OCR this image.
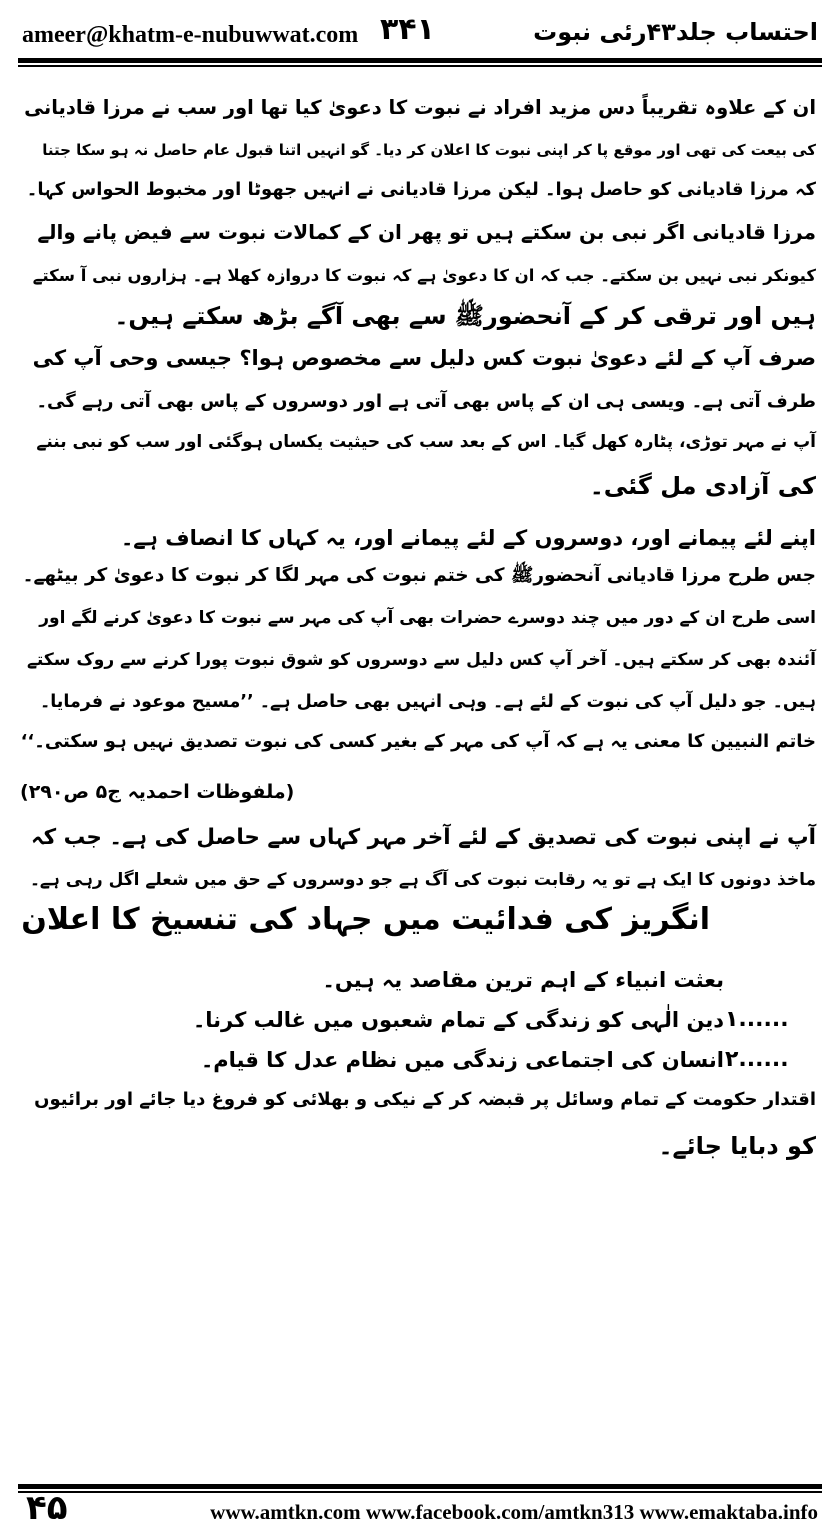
ameer@khatm-e-nubuwwat.com ۳۴۱	احتساب جلد۴۳رئی نبوت
ان کے علاوہ تقریباً دس مزید افراد نے نبوت کا دعویٰ کیا تھا اور سب نے مرزا قادیانی
کی بیعت کی تھی اور موقع پا کر اپنی نبوت کا اعلان کر دیا۔ گو انہیں اتنا قبول عام حاصل نہ ہو سکا جتنا
کہ مرزا قادیانی کو حاصل ہوا۔ لیکن مرزا قادیانی نے انہیں جھوٹا اور مخبوط الحواس کہا۔
مرزا قادیانی اگر نبی بن سکتے ہیں تو پھر ان کے کمالات نبوت سے فیض پانے والے
کیونکر نبی نہیں بن سکتے۔ جب کہ ان کا دعویٰ ہے کہ نبوت کا دروازہ کھلا ہے۔ ہزاروں نبی آ سکتے
ہیں اور ترقی کر کے آنحضورﷺ سے بھی آگے بڑھ سکتے ہیں۔
صرف آپ کے لئے دعویٰ نبوت کس دلیل سے مخصوص ہوا؟ جیسی وحی آپ کی
طرف آتی ہے۔ ویسی ہی ان کے پاس بھی آتی ہے اور دوسروں کے پاس بھی آتی رہے گی۔
آپ نے مہر توڑی، پٹارہ کھل گیا۔ اس کے بعد سب کی حیثیت یکساں ہوگئی اور سب کو نبی بننے
کی آزادی مل گئی۔
اپنے لئے پیمانے اور، دوسروں کے لئے پیمانے اور، یہ کہاں کا انصاف ہے۔
جس طرح مرزا قادیانی آنحضورﷺ کی ختم نبوت کی مہر لگا کر نبوت کا دعویٰ کر بیٹھے۔
اسی طرح ان کے دور میں چند دوسرے حضرات بھی آپ کی مہر سے نبوت کا دعویٰ کرنے لگے اور
آئندہ بھی کر سکتے ہیں۔ آخر آپ کس دلیل سے دوسروں کو شوق نبوت پورا کرنے سے روک سکتے
ہیں۔ جو دلیل آپ کی نبوت کے لئے ہے۔ وہی انہیں بھی حاصل ہے۔ ’’مسیح موعود نے فرمایا۔
خاتم النبیین کا معنی یہ ہے کہ آپ کی مہر کے بغیر کسی کی نبوت تصدیق نہیں ہو سکتی۔‘‘
(ملفوظات احمدیہ ج۵ ص۲۹۰)
آپ نے اپنی نبوت کی تصدیق کے لئے آخر مہر کہاں سے حاصل کی ہے۔ جب کہ
ماخذ دونوں کا ایک ہے تو یہ رقابت نبوت کی آگ ہے جو دوسروں کے حق میں شعلے اگل رہی ہے۔
انگریز کی فدائیت میں جہاد کی تنسیخ کا اعلان
بعثت انبیاء کے اہم ترین مقاصد یہ ہیں۔
دین الٰہی کو زندگی کے تمام شعبوں میں غالب کرنا۔
انسان کی اجتماعی زندگی میں نظام عدل کا قیام۔
۱......
۲......
اقتدار حکومت کے تمام وسائل پر قبضہ کر کے نیکی و بھلائی کو فروغ دیا جائے اور برائیوں
کو دبایا جائے۔
۴۵	www.amtkn.com www.facebook.com/amtkn313 www.emaktaba.info
